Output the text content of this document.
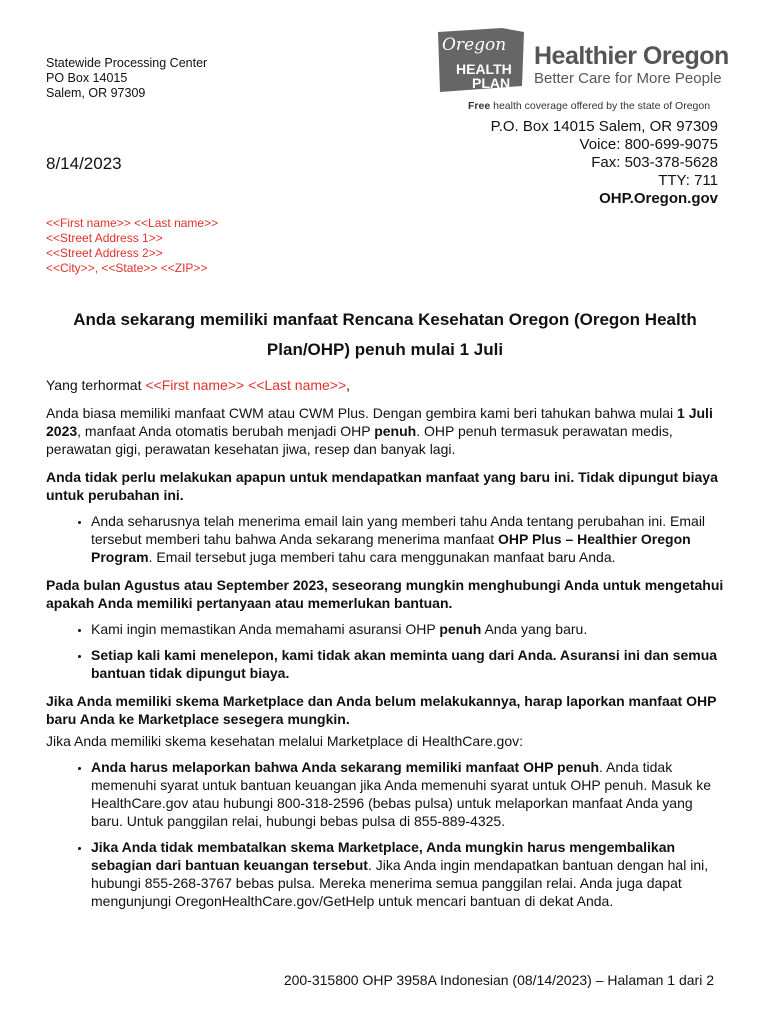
Statewide Processing Center
PO Box 14015
Salem, OR 97309
Oregon
HEALTH
PLAN
Healthier Oregon
Better Care for More People
Free health coverage offered by the state of Oregon
P.O. Box 14015 Salem, OR 97309
Voice: 800-699-9075
Fax: 503-378-5628
TTY: 711
OHP.Oregon.gov
8/14/2023
<<First name>> <<Last name>>
<<Street Address 1>>
<<Street Address 2>>
<<City>>, <<State>> <<ZIP>>
Anda sekarang memiliki manfaat Rencana Kesehatan Oregon (Oregon Health Plan/OHP) penuh mulai 1 Juli

Yang terhormat <<First name>> <<Last name>>,

Anda biasa memiliki manfaat CWM atau CWM Plus. Dengan gembira kami beri tahukan bahwa mulai 1 Juli 2023, manfaat Anda otomatis berubah menjadi OHP penuh. OHP penuh termasuk perawatan medis, perawatan gigi, perawatan kesehatan jiwa, resep dan banyak lagi.

Anda tidak perlu melakukan apapun untuk mendapatkan manfaat yang baru ini. Tidak dipungut biaya untuk perubahan ini.

• Anda seharusnya telah menerima email lain yang memberi tahu Anda tentang perubahan ini. Email tersebut memberi tahu bahwa Anda sekarang menerima manfaat OHP Plus – Healthier Oregon Program. Email tersebut juga memberi tahu cara menggunakan manfaat baru Anda.

Pada bulan Agustus atau September 2023, seseorang mungkin menghubungi Anda untuk mengetahui apakah Anda memiliki pertanyaan atau memerlukan bantuan.

• Kami ingin memastikan Anda memahami asuransi OHP penuh Anda yang baru.
• Setiap kali kami menelepon, kami tidak akan meminta uang dari Anda. Asuransi ini dan semua bantuan tidak dipungut biaya.

Jika Anda memiliki skema Marketplace dan Anda belum melakukannya, harap laporkan manfaat OHP baru Anda ke Marketplace sesegera mungkin.

Jika Anda memiliki skema kesehatan melalui Marketplace di HealthCare.gov:

• Anda harus melaporkan bahwa Anda sekarang memiliki manfaat OHP penuh. Anda tidak memenuhi syarat untuk bantuan keuangan jika Anda memenuhi syarat untuk OHP penuh. Masuk ke HealthCare.gov atau hubungi 800-318-2596 (bebas pulsa) untuk melaporkan manfaat Anda yang baru. Untuk panggilan relai, hubungi bebas pulsa di 855-889-4325.
• Jika Anda tidak membatalkan skema Marketplace, Anda mungkin harus mengembalikan sebagian dari bantuan keuangan tersebut. Jika Anda ingin mendapatkan bantuan dengan hal ini, hubungi 855-268-3767 bebas pulsa. Mereka menerima semua panggilan relai. Anda juga dapat mengunjungi OregonHealthCare.gov/GetHelp untuk mencari bantuan di dekat Anda.
200-315800 OHP 3958A Indonesian (08/14/2023) – Halaman 1 dari 2
